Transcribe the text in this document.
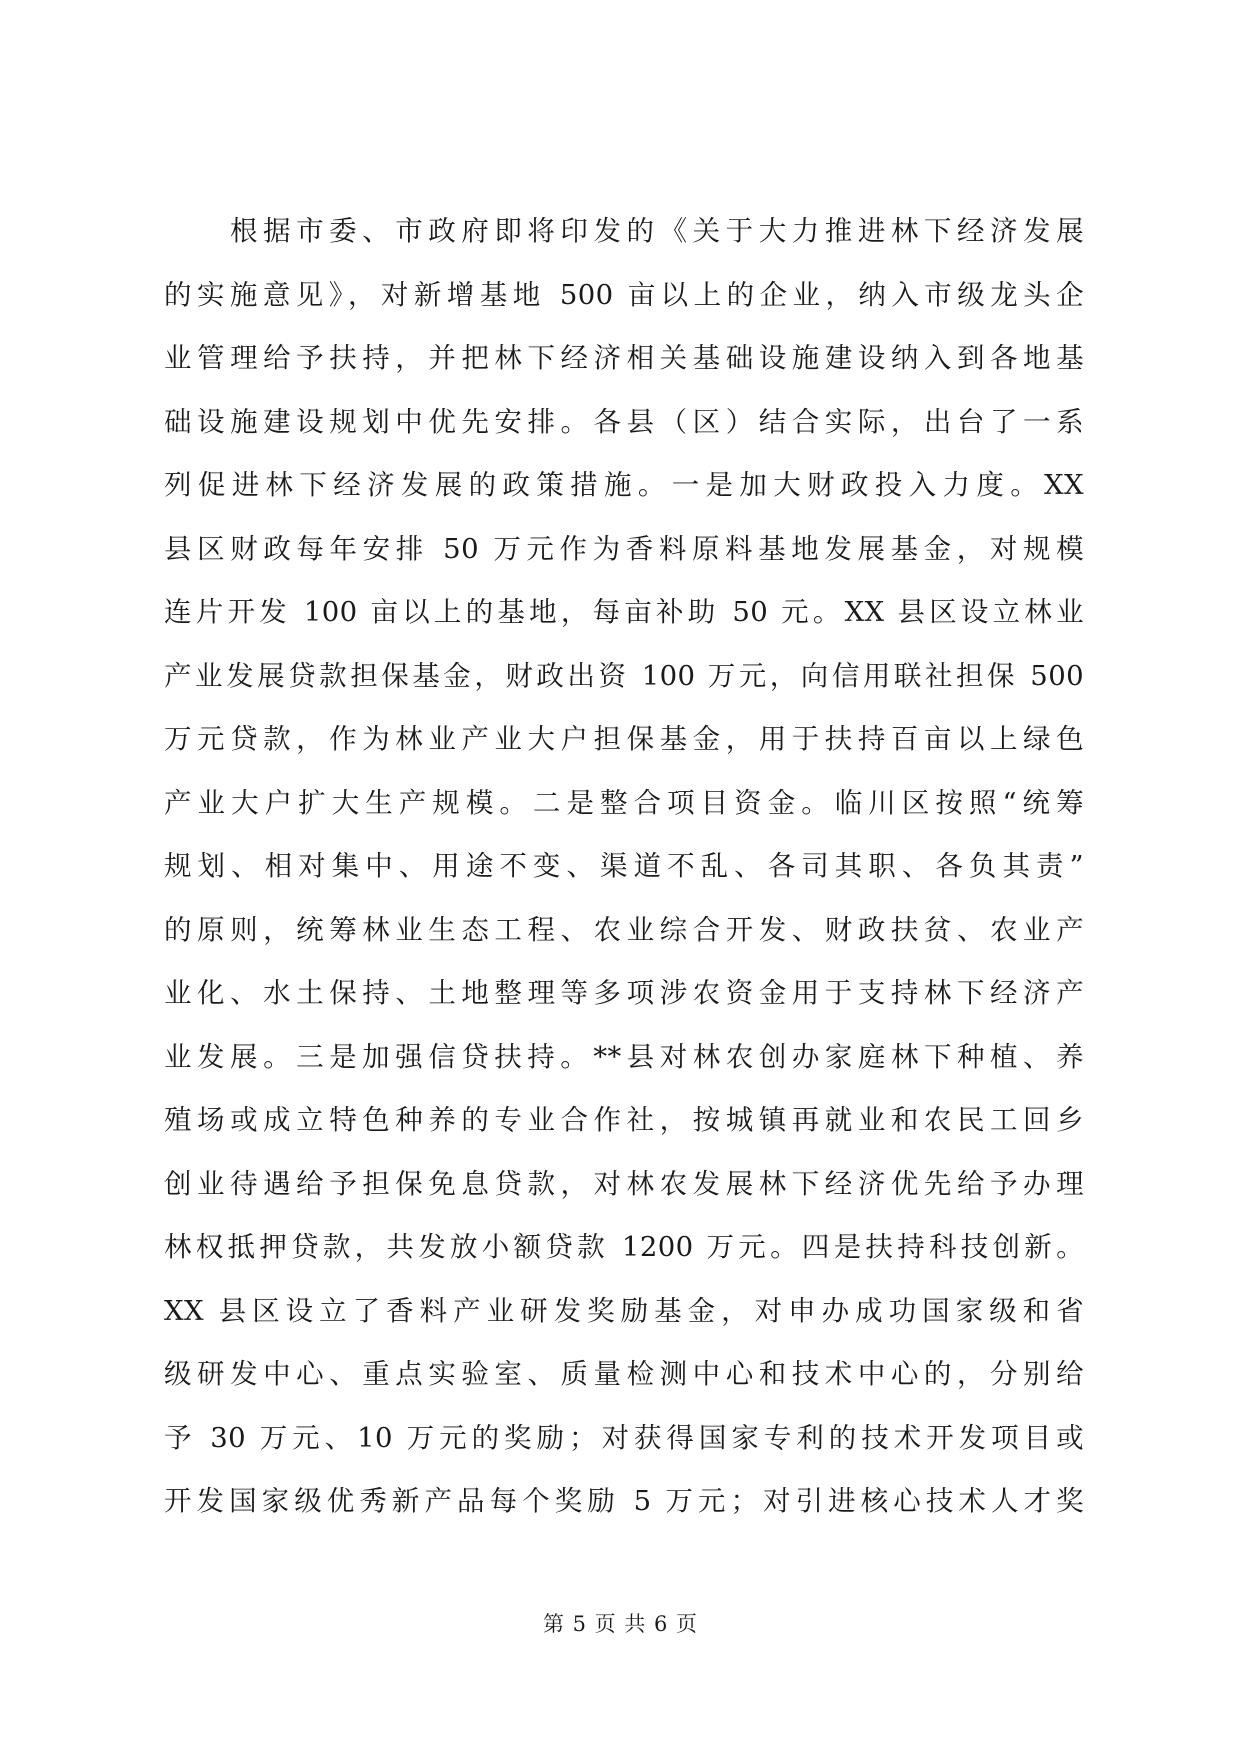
根据市委、市政府即将印发的《关于大力推进林下经济发展
的实施意见》，对新增基地 500 亩以上的企业，纳入市级龙头企
业管理给予扶持，并把林下经济相关基础设施建设纳入到各地基
础设施建设规划中优先安排。各县（区）结合实际，出台了一系
列促进林下经济发展的政策措施。一是加大财政投入力度。XX
县区财政每年安排 50 万元作为香料原料基地发展基金，对规模
连片开发 100 亩以上的基地，每亩补助 50 元。XX 县区设立林业
产业发展贷款担保基金，财政出资 100 万元，向信用联社担保 500
万元贷款，作为林业产业大户担保基金，用于扶持百亩以上绿色
产业大户扩大生产规模。二是整合项目资金。临川区按照“统筹
规划、相对集中、用途不变、渠道不乱、各司其职、各负其责”
的原则，统筹林业生态工程、农业综合开发、财政扶贫、农业产
业化、水土保持、土地整理等多项涉农资金用于支持林下经济产
业发展。三是加强信贷扶持。**县对林农创办家庭林下种植、养
殖场或成立特色种养的专业合作社，按城镇再就业和农民工回乡
创业待遇给予担保免息贷款，对林农发展林下经济优先给予办理
林权抵押贷款，共发放小额贷款 1200 万元。四是扶持科技创新。
XX 县区设立了香料产业研发奖励基金，对申办成功国家级和省
级研发中心、重点实验室、质量检测中心和技术中心的，分别给
予 30 万元、10 万元的奖励；对获得国家专利的技术开发项目或
开发国家级优秀新产品每个奖励 5 万元；对引进核心技术人才奖
第 5 页 共 6 页
